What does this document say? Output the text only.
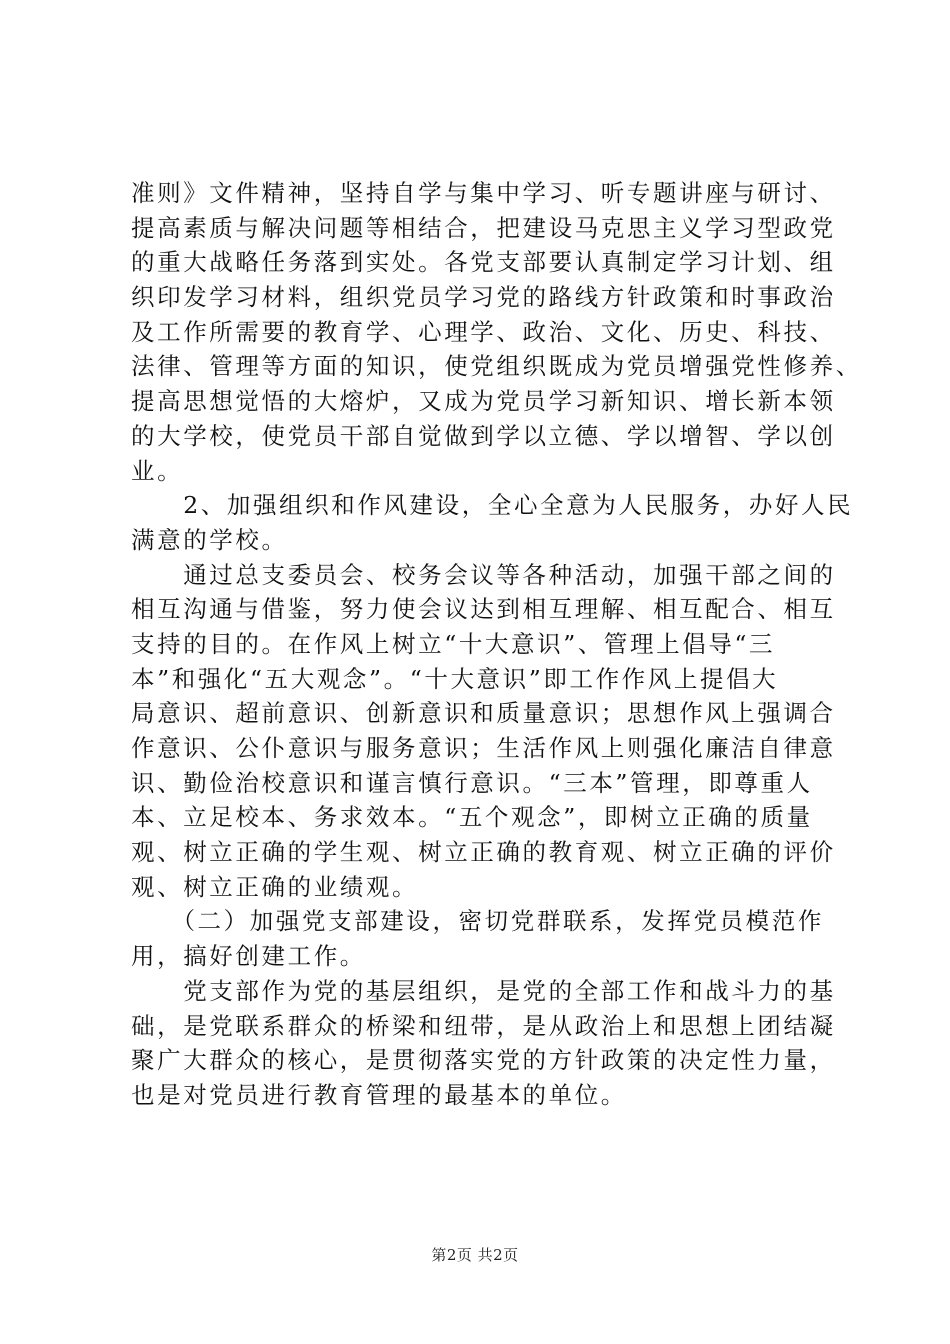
准则》文件精神，坚持自学与集中学习、听专题讲座与研讨、
提高素质与解决问题等相结合，把建设马克思主义学习型政党
的重大战略任务落到实处。各党支部要认真制定学习计划、组
织印发学习材料，组织党员学习党的路线方针政策和时事政治
及工作所需要的教育学、心理学、政治、文化、历史、科技、
法律、管理等方面的知识，使党组织既成为党员增强党性修养、
提高思想觉悟的大熔炉，又成为党员学习新知识、增长新本领
的大学校，使党员干部自觉做到学以立德、学以增智、学以创
业。
　　2、加强组织和作风建设，全心全意为人民服务，办好人民
满意的学校。
　　通过总支委员会、校务会议等各种活动，加强干部之间的
相互沟通与借鉴，努力使会议达到相互理解、相互配合、相互
支持的目的。在作风上树立“十大意识”、管理上倡导“三
本”和强化“五大观念”。“十大意识”即工作作风上提倡大
局意识、超前意识、创新意识和质量意识；思想作风上强调合
作意识、公仆意识与服务意识；生活作风上则强化廉洁自律意
识、勤俭治校意识和谨言慎行意识。“三本”管理，即尊重人
本、立足校本、务求效本。“五个观念”，即树立正确的质量
观、树立正确的学生观、树立正确的教育观、树立正确的评价
观、树立正确的业绩观。
　　（二）加强党支部建设，密切党群联系，发挥党员模范作
用，搞好创建工作。
　　党支部作为党的基层组织，是党的全部工作和战斗力的基
础，是党联系群众的桥梁和纽带，是从政治上和思想上团结凝
聚广大群众的核心，是贯彻落实党的方针政策的决定性力量，
也是对党员进行教育管理的最基本的单位。
第2页 共2页
